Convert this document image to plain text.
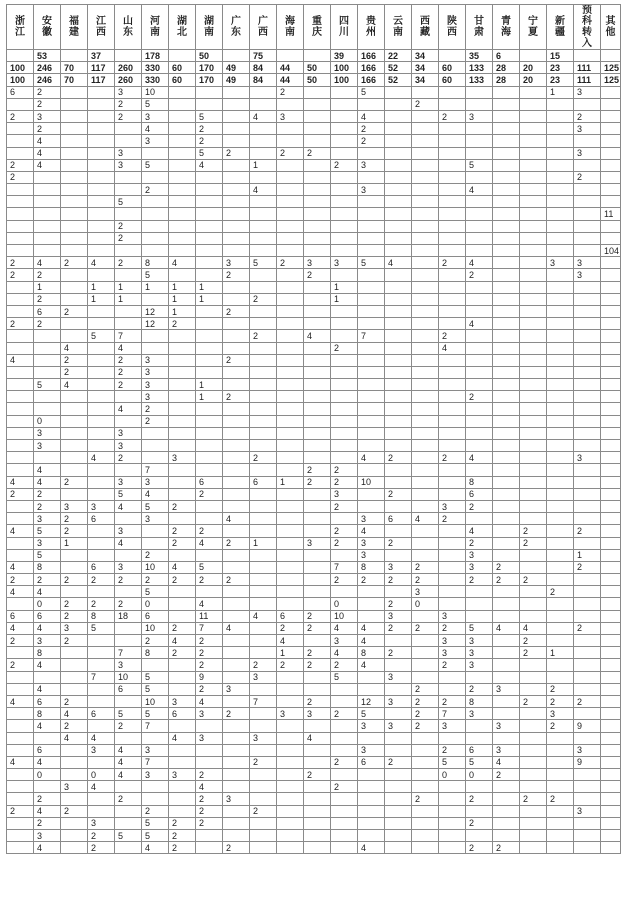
浙江	安徽	福建	江西	山东	河南	湖北	湖南	广东	广西	海南	重庆	四川	贵州	云南	西藏	陕西	甘肃	青海	宁夏	新疆	预科转入	其他
	53		37		178		50		75			39	166	22	34		35	6		15		
100	246	70	117	260	330	60	170	49	84	44	50	100	166	52	34	60	133	28	20	23	111	125
100	246	70	117	260	330	60	170	49	84	44	50	100	166	52	34	60	133	28	20	23	111	125
6	2			3	10					2			5							1	3	
	2			2	5										2							
2	3			2	3		5		4	3			4			2	3				2	
	2				4		2						2								3	
	4				3		2						2									
	4			3			5	2		2	2										3	
2	4			3	5		4		1			2	3				5					
2																					2	
					2				4				3				4					
				5																		
																						11
				2																		
				2																		
																						104
2	4	2	4	2	8	4		3	5	2	3	3	5	4		2	4			3	3	
2	2				5			2			2						2				3	
	1		1	1	1	1	1					1										
	2		1	1		1	1		2			1										
	6	2			12	1		2														
2	2				12	2											4					
			5	7					2		4		7			2						
		4		4								2				4						
4		2		2	3			2														
		2		2	3																	
	5	4		2	3		1															
					3		1	2									2					
				4	2																	
	0				2																	
	3			3																		
	3			3																		
			4	2		3			2				4	2		2	4				3	
	4				7						2	2										
4	4	2		3	3		6		6	1	2	2	10				8					
2	2			5	4		2					3		2			6					
	2	3	3	4	5	2						2				3	2					
	3	2	6		3			4					3	6	4	2						
4	5	2		3		2	2					2	4				4		2		2	
	3	1		4		2	4	2	1		3	2	3	2			2		2			
	5				2								3				3				1	
4	8		6	3	10	4	5					7	8	3	2		3	2			2	
2	2	2	2	2	2	2	2	2				2	2	2	2		2	2	2			
4	4				5										3					2		
	0	2	2	2	0		4					0		2	0							
6	6	2	8	18	6		11		4	6	2	10		3		3						
4	4	3	5		10	2	7	4		2	2	4	4	2	2	2	5	4	4		2	
2	3	2			2	4	2			4		3	4			3	3		2			
	8			7	8	2	2			1	2	4	8	2		3	3		2	1		
2	4			3			2		2	2	2	2	4			2	3					
			7	10	5		9		3			5		3								
	4			6	5		2	3							2		2	3		2		
4	6	2			10	3	4		7		2		12	3	2	2	8		2	2	2	
	8	4	6	5	5	6	3	2		3	3	2	5		2	7	3			3		
	4	2		2	7								3	3	2	3		3		2	9	
		4	4			4	3		3		4											
	6		3	4	3								3			2	6	3			3	
4	4			4	7				2			2	6	2		5	5	4			9	
	0		0	4	3	3	2				2					0	0	2				
		3	4				4					2										
	2			2			2	3							2		2		2	2		
2	4	2			2		2		2												3	
	2		3		5	2	2										2					
	3		2	5	5	2																
	4		2		4	2		2					4				2	2				
